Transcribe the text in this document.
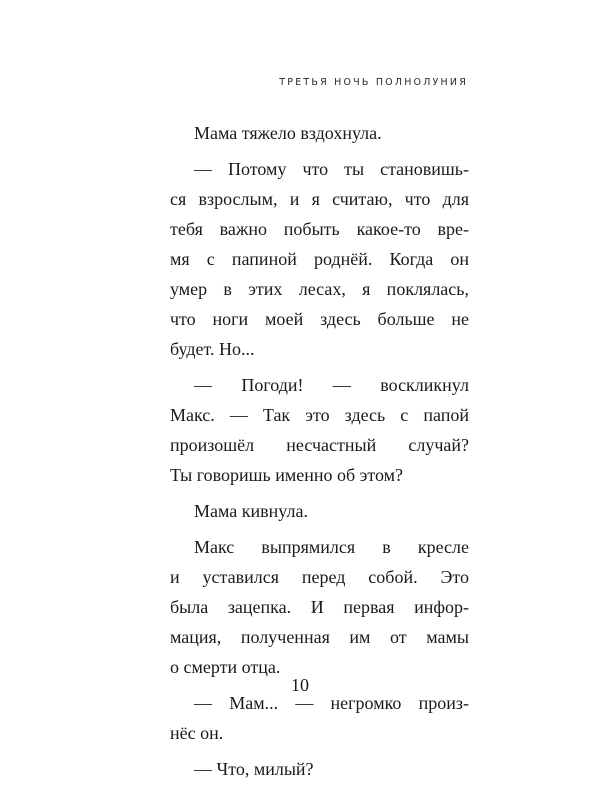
ТРЕТЬЯ НОЧЬ ПОЛНОЛУНИЯ
Мама тяжело вздохнула.
— Потому что ты становишь-
ся взрослым, и я считаю, что для
тебя важно побыть какое-то вре-
мя с папиной роднёй. Когда он
умер в этих лесах, я поклялась,
что ноги моей здесь больше не
будет. Но...
— Погоди! — воскликнул
Макс. — Так это здесь с папой
произошёл несчастный случай?
Ты говоришь именно об этом?
Мама кивнула.
Макс выпрямился в кресле
и уставился перед собой. Это
была зацепка. И первая инфор-
мация, полученная им от мамы
о смерти отца.
— Мам... — негромко произ-
нёс он.
— Что, милый?
10
